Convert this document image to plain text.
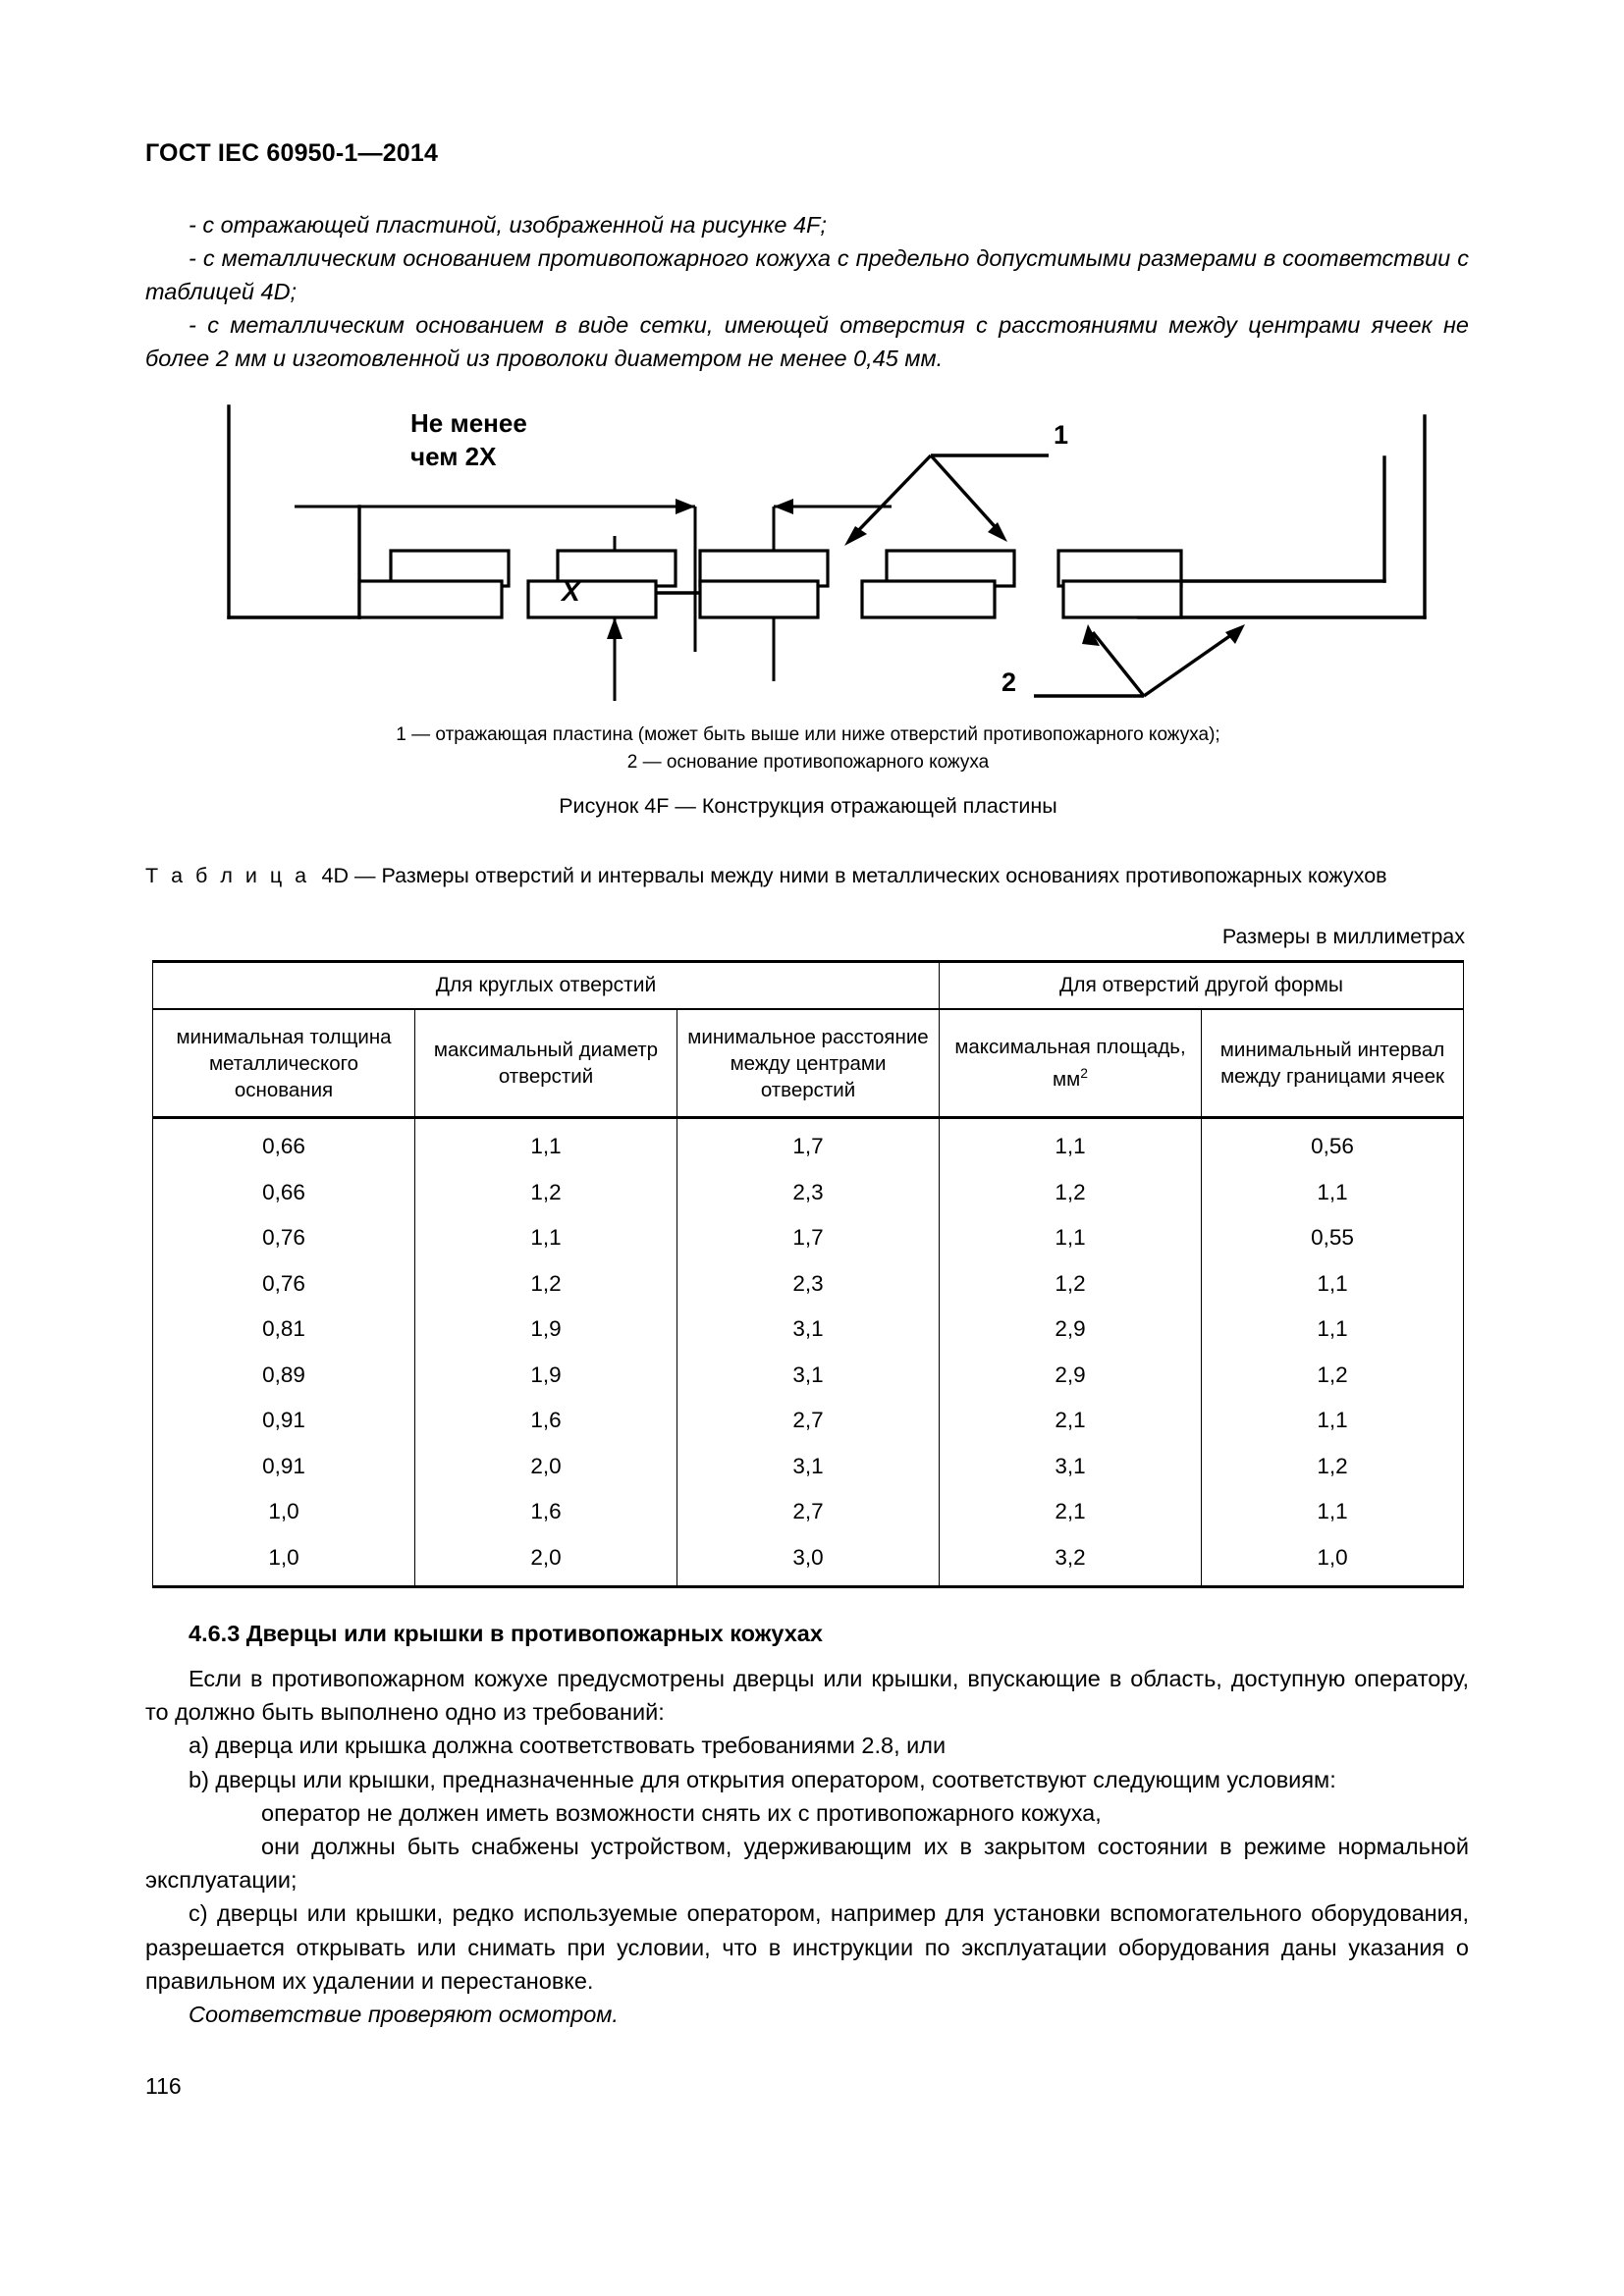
ГОСТ IEC 60950-1—2014

- с отражающей пластиной, изображенной на рисунке 4F;

- с металлическим основанием противопожарного кожуха с предельно допустимыми размерами в соответствии с таблицей 4D;

- с металлическим основанием в виде сетки, имеющей отверстия с расстояниями между центрами ячеек не более 2 мм и изготовленной из проволоки диаметром не менее 0,45 мм.

Не менее
чем 2Х
Х
1
2
1 — отражающая пластина (может быть выше или ниже отверстий противопожарного кожуха);
2 — основание противопожарного кожуха
Рисунок 4F — Конструкция отражающей пластины
Т а б л и ц а 4D — Размеры отверстий и интервалы между ними в металлических основаниях противопожарных кожухов
Размеры в миллиметрах
Для круглых отверстий			Для отверстий другой формы	
минимальная толщина металлического основания	максимальный диаметр отверстий	минимальное расстояние между центрами отверстий	максимальная площадь, $мм^2$	минимальный интервал между границами ячеек
0,66	1,1	1,7	1,1	0,56
0,66	1,2	2,3	1,2	1,1
0,76	1,1	1,7	1,1	0,55
0,76	1,2	2,3	1,2	1,1
0,81	1,9	3,1	2,9	1,1
0,89	1,9	3,1	2,9	1,2
0,91	1,6	2,7	2,1	1,1
0,91	2,0	3,1	3,1	1,2
1,0	1,6	2,7	2,1	1,1
1,0	2,0	3,0	3,2	1,0
4.6.3 Дверцы или крышки в противопожарных кожухах

Если в противопожарном кожухе предусмотрены дверцы или крышки, впускающие в область, доступную оператору, то должно быть выполнено одно из требований:

a) дверца или крышка должна соответствовать требованиями 2.8, или

b) дверцы или крышки, предназначенные для открытия оператором, соответствуют следующим условиям:

оператор не должен иметь возможности снять их с противопожарного кожуха,

они должны быть снабжены устройством, удерживающим их в закрытом состоянии в режиме нормальной эксплуатации;

c) дверцы или крышки, редко используемые оператором, например для установки вспомогательного оборудования, разрешается открывать или снимать при условии, что в инструкции по эксплуатации оборудования даны указания о правильном их удалении и перестановке.

Соответствие проверяют осмотром.

116
